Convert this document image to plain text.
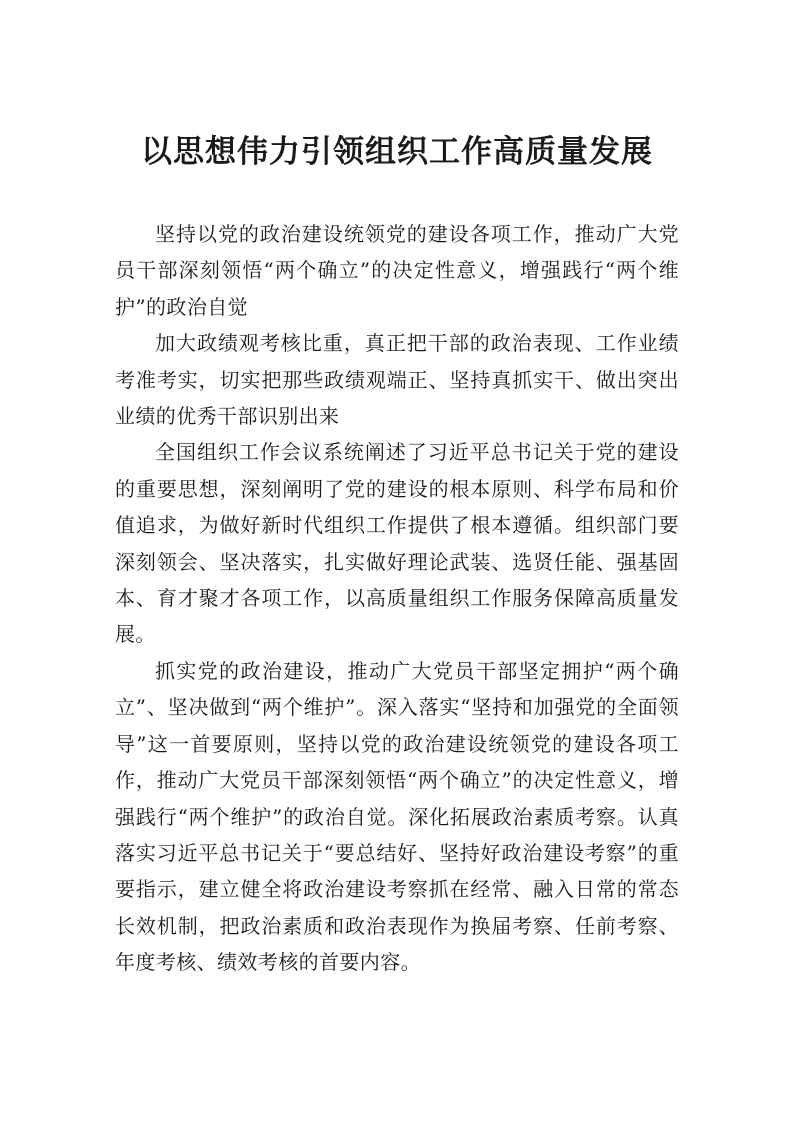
以思想伟力引领组织工作高质量发展

坚持以党的政治建设统领党的建设各项工作，推动广大党员干部深刻领悟“两个确立”的决定性意义，增强践行“两个维护”的政治自觉

加大政绩观考核比重，真正把干部的政治表现、工作业绩考准考实，切实把那些政绩观端正、坚持真抓实干、做出突出业绩的优秀干部识别出来

全国组织工作会议系统阐述了习近平总书记关于党的建设的重要思想，深刻阐明了党的建设的根本原则、科学布局和价值追求，为做好新时代组织工作提供了根本遵循。组织部门要深刻领会、坚决落实，扎实做好理论武装、选贤任能、强基固本、育才聚才各项工作，以高质量组织工作服务保障高质量发展。

抓实党的政治建设，推动广大党员干部坚定拥护“两个确立”、坚决做到“两个维护”。深入落实“坚持和加强党的全面领导”这一首要原则，坚持以党的政治建设统领党的建设各项工作，推动广大党员干部深刻领悟“两个确立”的决定性意义，增强践行“两个维护”的政治自觉。深化拓展政治素质考察。认真落实习近平总书记关于“要总结好、坚持好政治建设考察”的重要指示，建立健全将政治建设考察抓在经常、融入日常的常态长效机制，把政治素质和政治表现作为换届考察、任前考察、年度考核、绩效考核的首要内容。
